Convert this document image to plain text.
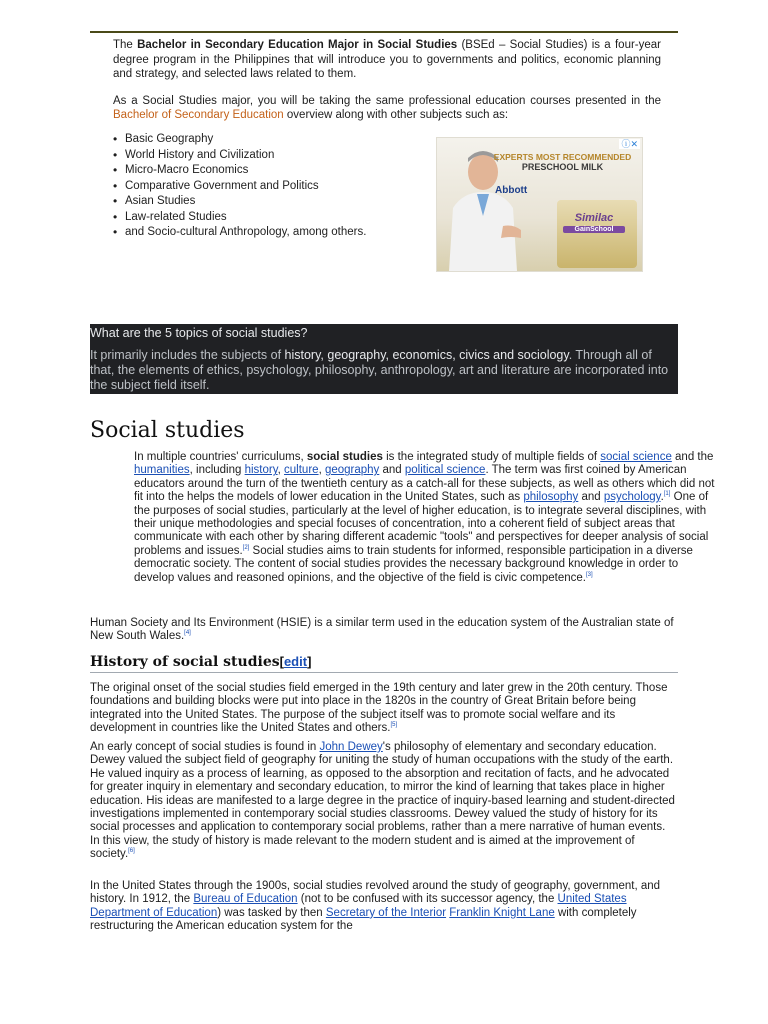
The Bachelor in Secondary Education Major in Social Studies (BSEd – Social Studies) is a four-year degree program in the Philippines that will introduce you to governments and politics, economic planning and strategy, and selected laws related to them.

As a Social Studies major, you will be taking the same professional education courses presented in the Bachelor of Secondary Education overview along with other subjects such as:

• Basic Geography
• World History and Civilization
• Micro-Macro Economics
• Comparative Government and Politics
• Asian Studies
• Law-related Studies
• and Socio-cultural Anthropology, among others.
ⓘ✕
EXPERTS MOST RECOMMENDED
PRESCHOOL MILK
Abbott
Similac
GainSchool
What are the 5 topics of social studies?
It primarily includes the subjects of history, geography, economics, civics and sociology. Through all of that, the elements of ethics, psychology, philosophy, anthropology, art and literature are incorporated into the subject field itself.
Social studies

In multiple countries' curriculums, social studies is the integrated study of multiple fields of social science and the humanities, including history, culture, geography and political science. The term was first coined by American educators around the turn of the twentieth century as a catch-all for these subjects, as well as others which did not fit into the helps the models of lower education in the United States, such as philosophy and psychology.[1] One of the purposes of social studies, particularly at the level of higher education, is to integrate several disciplines, with their unique methodologies and special focuses of concentration, into a coherent field of subject areas that communicate with each other by sharing different academic "tools" and perspectives for deeper analysis of social problems and issues.[2] Social studies aims to train students for informed, responsible participation in a diverse democratic society. The content of social studies provides the necessary background knowledge in order to develop values and reasoned opinions, and the objective of the field is civic competence.[3]

Human Society and Its Environment (HSIE) is a similar term used in the education system of the Australian state of New South Wales.[4]

History of social studies[edit]

The original onset of the social studies field emerged in the 19th century and later grew in the 20th century. Those foundations and building blocks were put into place in the 1820s in the country of Great Britain before being integrated into the United States. The purpose of the subject itself was to promote social welfare and its development in countries like the United States and others.[5]

An early concept of social studies is found in John Dewey's philosophy of elementary and secondary education. Dewey valued the subject field of geography for uniting the study of human occupations with the study of the earth. He valued inquiry as a process of learning, as opposed to the absorption and recitation of facts, and he advocated for greater inquiry in elementary and secondary education, to mirror the kind of learning that takes place in higher education. His ideas are manifested to a large degree in the practice of inquiry-based learning and student-directed investigations implemented in contemporary social studies classrooms. Dewey valued the study of history for its social processes and application to contemporary social problems, rather than a mere narrative of human events. In this view, the study of history is made relevant to the modern student and is aimed at the improvement of society.[6]

In the United States through the 1900s, social studies revolved around the study of geography, government, and history. In 1912, the Bureau of Education (not to be confused with its successor agency, the United States Department of Education) was tasked by then Secretary of the Interior Franklin Knight Lane with completely restructuring the American education system for the
